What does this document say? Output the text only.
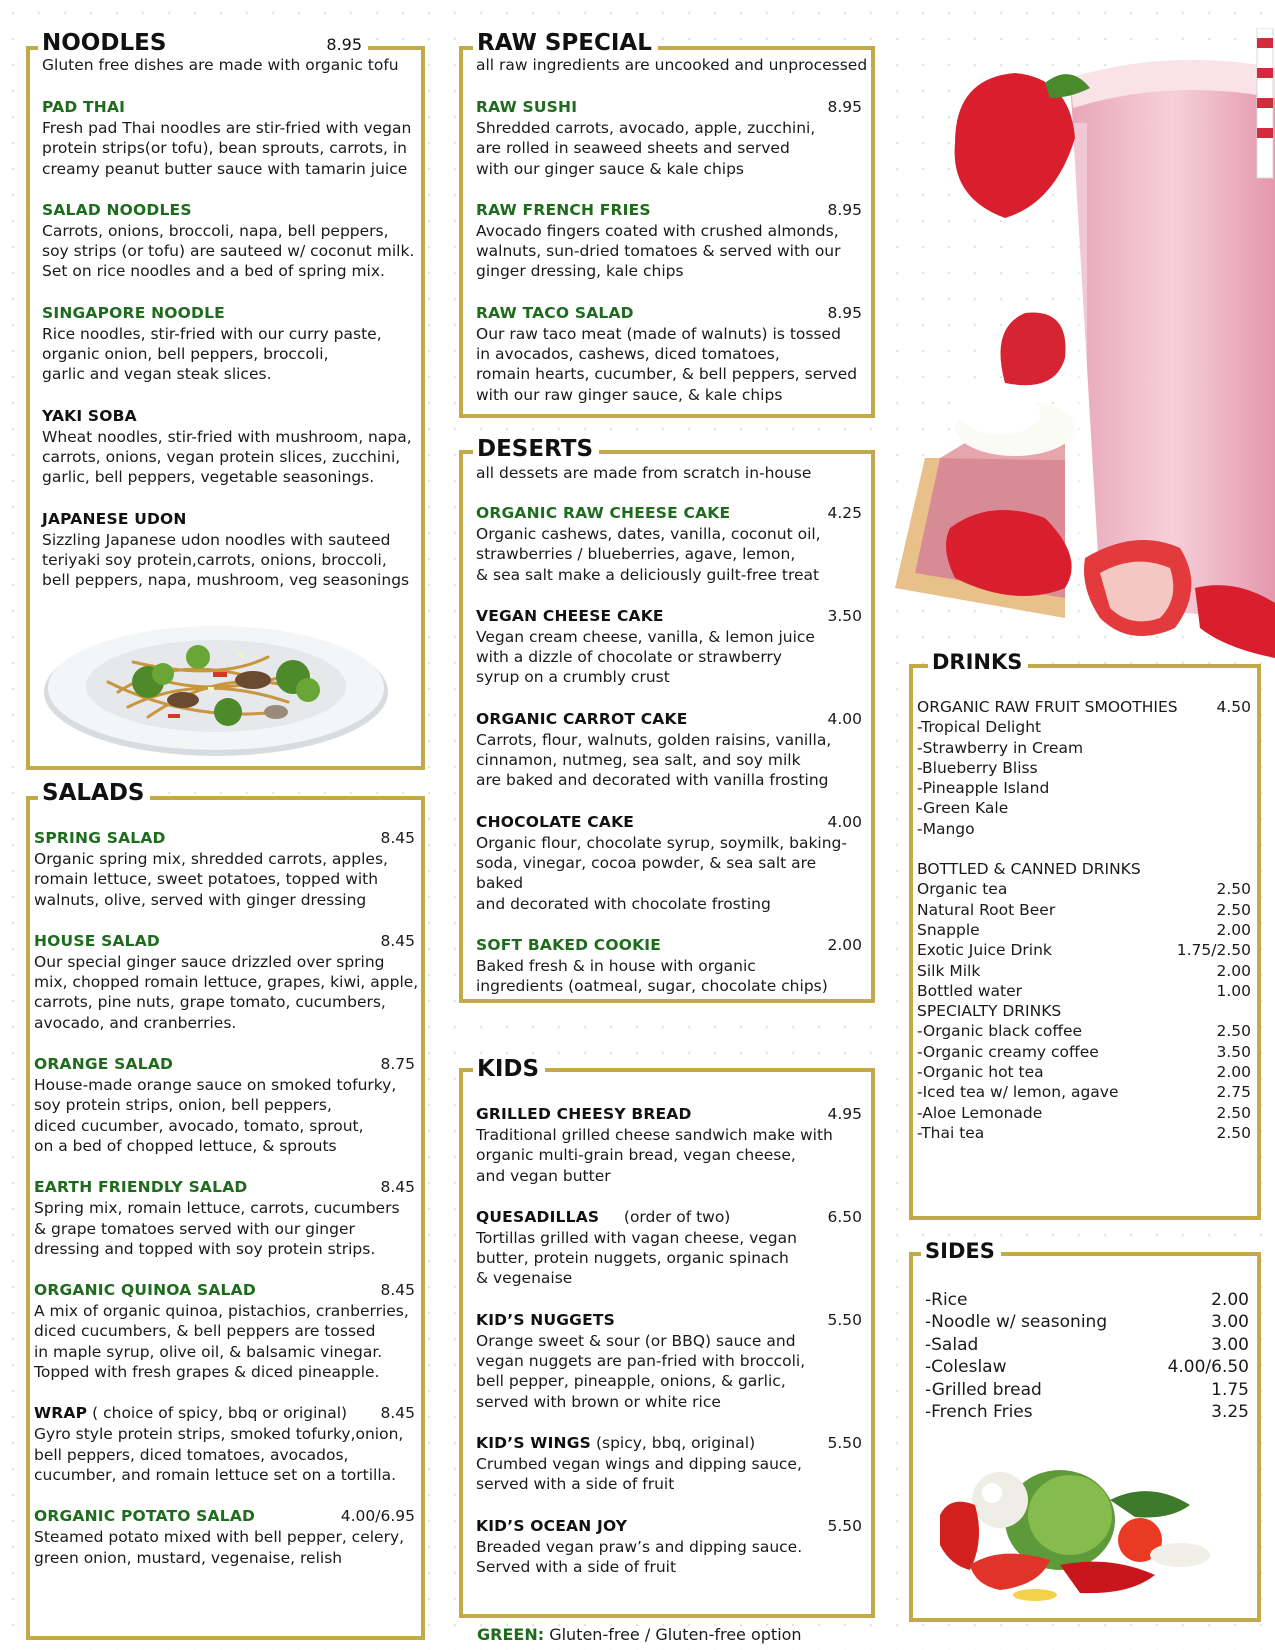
NOODLES	8.95
Gluten free dishes are made with organic tofu
PAD THAI
Fresh pad Thai noodles are stir-fried with vegan
protein strips(or tofu), bean sprouts, carrots, in
creamy peanut butter sauce with tamarin juice
SALAD NOODLES
Carrots, onions, broccoli, napa, bell peppers,
soy strips (or tofu) are sauteed w/ coconut milk.
Set on rice noodles and a bed of spring mix.
SINGAPORE NOODLE
Rice noodles, stir-fried with our curry paste,
organic onion, bell peppers, broccoli,
garlic and vegan steak slices.
YAKI SOBA
Wheat noodles, stir-fried with mushroom, napa,
carrots, onions, vegan protein slices, zucchini,
garlic, bell peppers, vegetable seasonings.
JAPANESE UDON
Sizzling Japanese udon noodles with sauteed
teriyaki soy protein,carrots, onions, broccoli,
bell peppers, napa, mushroom, veg seasonings
SALADS
SPRING SALAD	8.45
Organic spring mix, shredded carrots, apples,
romain lettuce, sweet potatoes, topped with
walnuts, olive, served with ginger dressing
HOUSE SALAD	8.45
Our special ginger sauce drizzled over spring
mix, chopped romain lettuce, grapes, kiwi, apple,
carrots, pine nuts, grape tomato, cucumbers,
avocado, and cranberries.
ORANGE SALAD	8.75
House-made orange sauce on smoked tofurky,
soy protein strips, onion, bell peppers,
diced cucumber, avocado, tomato, sprout,
on a bed of chopped lettuce, & sprouts
EARTH FRIENDLY SALAD	8.45
Spring mix, romain lettuce, carrots, cucumbers
& grape tomatoes served with our ginger
dressing and topped with soy protein strips.
ORGANIC QUINOA SALAD	8.45
A mix of organic quinoa, pistachios, cranberries,
diced cucumbers, & bell peppers are tossed
in maple syrup, olive oil, & balsamic vinegar.
Topped with fresh grapes & diced pineapple.
WRAP ( choice of spicy, bbq or original) 8.45
Gyro style protein strips, smoked tofurky,onion,
bell peppers, diced tomatoes, avocados,
cucumber, and romain lettuce set on a tortilla.
ORGANIC POTATO SALAD	4.00/6.95
Steamed potato mixed with bell pepper, celery,
green onion, mustard, vegenaise, relish
RAW SPECIAL
all raw ingredients are uncooked and unprocessed
RAW SUSHI	8.95
Shredded carrots, avocado, apple, zucchini,
are rolled in seaweed sheets and served
with our ginger sauce & kale chips
RAW FRENCH FRIES	8.95
Avocado fingers coated with crushed almonds,
walnuts, sun-dried tomatoes & served with our
ginger dressing, kale chips
RAW TACO SALAD	8.95
Our raw taco meat (made of walnuts) is tossed
in avocados, cashews, diced tomatoes,
romain hearts, cucumber, & bell peppers, served
with our raw ginger sauce, & kale chips
DESERTS
all dessets are made from scratch in-house
ORGANIC RAW CHEESE CAKE	4.25
Organic cashews, dates, vanilla, coconut oil,
strawberries / blueberries, agave, lemon,
& sea salt make a deliciously guilt-free treat
VEGAN CHEESE CAKE	3.50
Vegan cream cheese, vanilla, & lemon juice
with a dizzle of chocolate or strawberry
syrup on a crumbly crust
ORGANIC CARROT CAKE	4.00
Carrots, flour, walnuts, golden raisins, vanilla,
cinnamon, nutmeg, sea salt, and soy milk
are baked and decorated with vanilla frosting
CHOCOLATE CAKE	4.00
Organic flour, chocolate syrup, soymilk, baking-
soda, vinegar, cocoa powder, & sea salt are baked
and decorated with chocolate frosting
SOFT BAKED COOKIE	2.00
Baked fresh & in house with organic
ingredients (oatmeal, sugar, chocolate chips)
KIDS
GRILLED CHEESY BREAD	4.95
Traditional grilled cheese sandwich make with
organic multi-grain bread, vegan cheese,
and vegan butter
QUESADILLAS     (order of two)	6.50
Tortillas grilled with vagan cheese, vegan
butter, protein nuggets, organic spinach
& vegenaise
KID’S NUGGETS	5.50
Orange sweet & sour (or BBQ) sauce and
vegan nuggets are pan-fried with broccoli,
bell pepper, pineapple, onions, & garlic,
served with brown or white rice
KID’S WINGS (spicy, bbq, original)	5.50
Crumbed vegan wings and dipping sauce,
served with a side of fruit
KID’S OCEAN JOY	5.50
Breaded vegan praw’s and dipping sauce.
Served with a side of fruit
GREEN: Gluten-free / Gluten-free option
DRINKS
ORGANIC RAW FRUIT SMOOTHIES	4.50
-Tropical Delight
-Strawberry in Cream
-Blueberry Bliss
-Pineapple Island
-Green Kale
-Mango
BOTTLED & CANNED DRINKS
Organic tea	2.50
Natural Root Beer	2.50
Snapple	2.00
Exotic Juice Drink	1.75/2.50
Silk Milk	2.00
Bottled water	1.00
SPECIALTY DRINKS
-Organic black coffee	2.50
-Organic creamy coffee	3.50
-Organic hot tea	2.00
-Iced tea w/ lemon, agave	2.75
-Aloe Lemonade	2.50
-Thai tea	2.50
SIDES
-Rice	2.00
-Noodle w/ seasoning	3.00
-Salad	3.00
-Coleslaw	4.00/6.50
-Grilled bread	1.75
-French Fries	3.25
